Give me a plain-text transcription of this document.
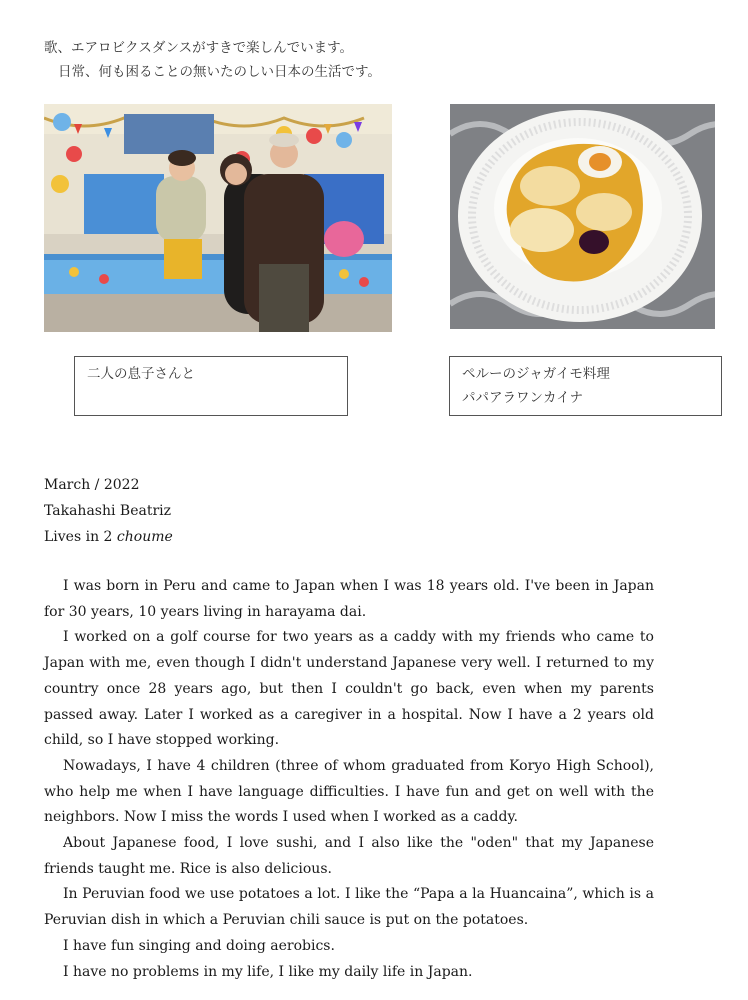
歌、エアロビクスダンスがすきで楽しんでいます。
日常、何も困ることの無いたのしい日本の生活です。
二人の息子さんと	ペルーのジャガイモ料理
パパアラワンカイナ
March / 2022
Takahashi Beatriz
Lives in 2 choume

I was born in Peru and came to Japan when I was 18 years old. I've been in Japan for 30 years, 10 years living in harayama dai.

I worked on a golf course for two years as a caddy with my friends who came to Japan with me, even though I didn't understand Japanese very well. I returned to my country once 28 years ago, but then I couldn't go back, even when my parents passed away. Later I worked as a caregiver in a hospital. Now I have a 2 years old child, so I have stopped working.

Nowadays, I have 4 children (three of whom graduated from Koryo High School), who help me when I have language difficulties. I have fun and get on well with the neighbors. Now I miss the words I used when I worked as a caddy.

About Japanese food, I love sushi, and I also like the "oden" that my Japanese friends taught me. Rice is also delicious.

In Peruvian food we use potatoes a lot. I like the “Papa a la Huancaina”, which is a Peruvian dish in which a Peruvian chili sauce is put on the potatoes.

I have fun singing and doing aerobics.

I have no problems in my life, I like my daily life in Japan.
